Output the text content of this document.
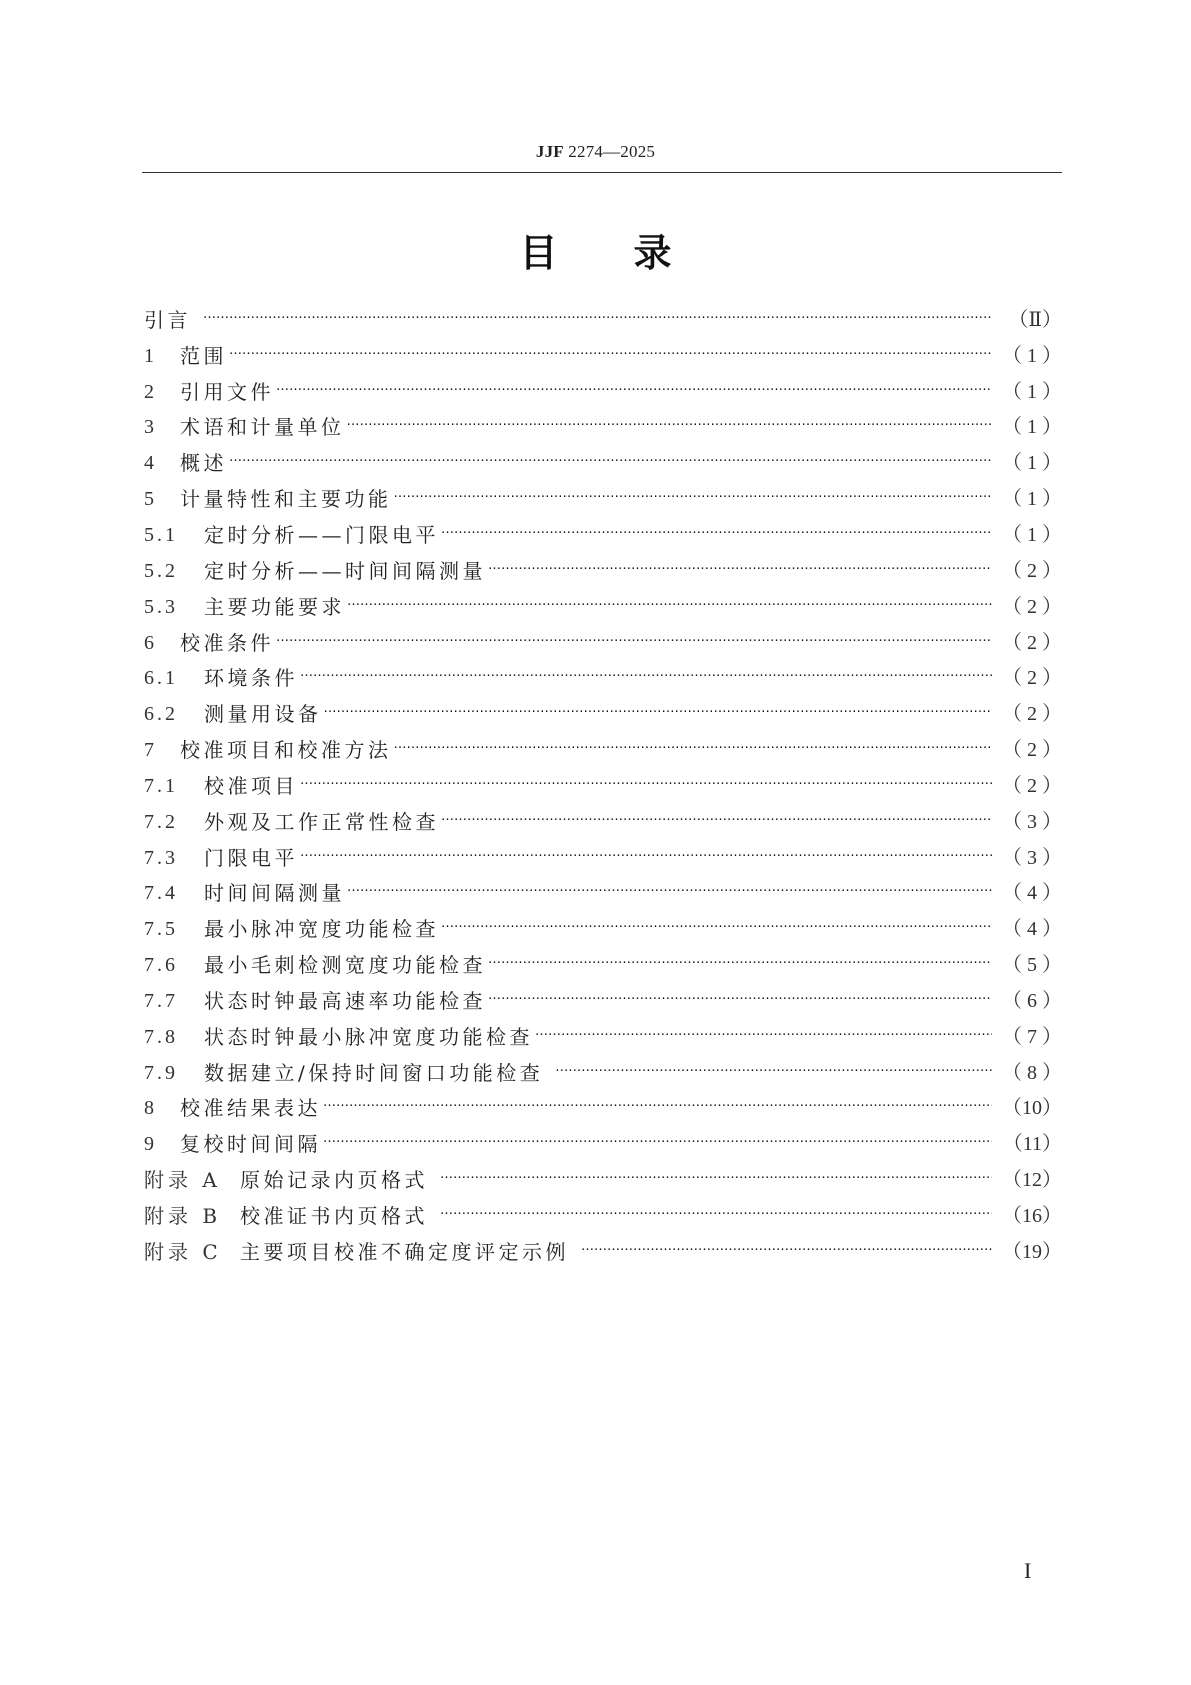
JJF 2274—2025
目 录
引言 ……………………………………………………………………………………………………………………………………………………………………………………………………………………	（Ⅱ）
1	范围 ……………………………………………………………………………………………………………………………………………………………………………………………………………………	（ 1 ）
2	引用文件 ……………………………………………………………………………………………………………………………………………………………………………………………………………………	（ 1 ）
3	术语和计量单位 ……………………………………………………………………………………………………………………………………………………………………………………………………………………	（ 1 ）
4	概述 ……………………………………………………………………………………………………………………………………………………………………………………………………………………	（ 1 ）
5	计量特性和主要功能 ……………………………………………………………………………………………………………………………………………………………………………………………………………………	（ 1 ）
5.1	定时分析——门限电平 ……………………………………………………………………………………………………………………………………………………………………………………………………………………	（ 1 ）
5.2	定时分析——时间间隔测量 ……………………………………………………………………………………………………………………………………………………………………………………………………………………	（ 2 ）
5.3	主要功能要求 ……………………………………………………………………………………………………………………………………………………………………………………………………………………	（ 2 ）
6	校准条件 ……………………………………………………………………………………………………………………………………………………………………………………………………………………	（ 2 ）
6.1	环境条件 ……………………………………………………………………………………………………………………………………………………………………………………………………………………	（ 2 ）
6.2	测量用设备 ……………………………………………………………………………………………………………………………………………………………………………………………………………………	（ 2 ）
7	校准项目和校准方法 ……………………………………………………………………………………………………………………………………………………………………………………………………………………	（ 2 ）
7.1	校准项目 ……………………………………………………………………………………………………………………………………………………………………………………………………………………	（ 2 ）
7.2	外观及工作正常性检查 ……………………………………………………………………………………………………………………………………………………………………………………………………………………	（ 3 ）
7.3	门限电平 ……………………………………………………………………………………………………………………………………………………………………………………………………………………	（ 3 ）
7.4	时间间隔测量 ……………………………………………………………………………………………………………………………………………………………………………………………………………………	（ 4 ）
7.5	最小脉冲宽度功能检查 ……………………………………………………………………………………………………………………………………………………………………………………………………………………	（ 4 ）
7.6	最小毛刺检测宽度功能检查 ……………………………………………………………………………………………………………………………………………………………………………………………………………………	（ 5 ）
7.7	状态时钟最高速率功能检查 ……………………………………………………………………………………………………………………………………………………………………………………………………………………	（ 6 ）
7.8	状态时钟最小脉冲宽度功能检查 ……………………………………………………………………………………………………………………………………………………………………………………………………………………	（ 7 ）
7.9	数据建立/保持时间窗口功能检查 ……………………………………………………………………………………………………………………………………………………………………………………………………………………	（ 8 ）
8	校准结果表达 ……………………………………………………………………………………………………………………………………………………………………………………………………………………	（10）
9	复校时间间隔 ……………………………………………………………………………………………………………………………………………………………………………………………………………………	（11）
附录 A 原始记录内页格式 ……………………………………………………………………………………………………………………………………………………………………………………………………………………	（12）
附录 B 校准证书内页格式 ……………………………………………………………………………………………………………………………………………………………………………………………………………………	（16）
附录 C 主要项目校准不确定度评定示例 ……………………………………………………………………………………………………………………………………………………………………………………………………………………	（19）
I
